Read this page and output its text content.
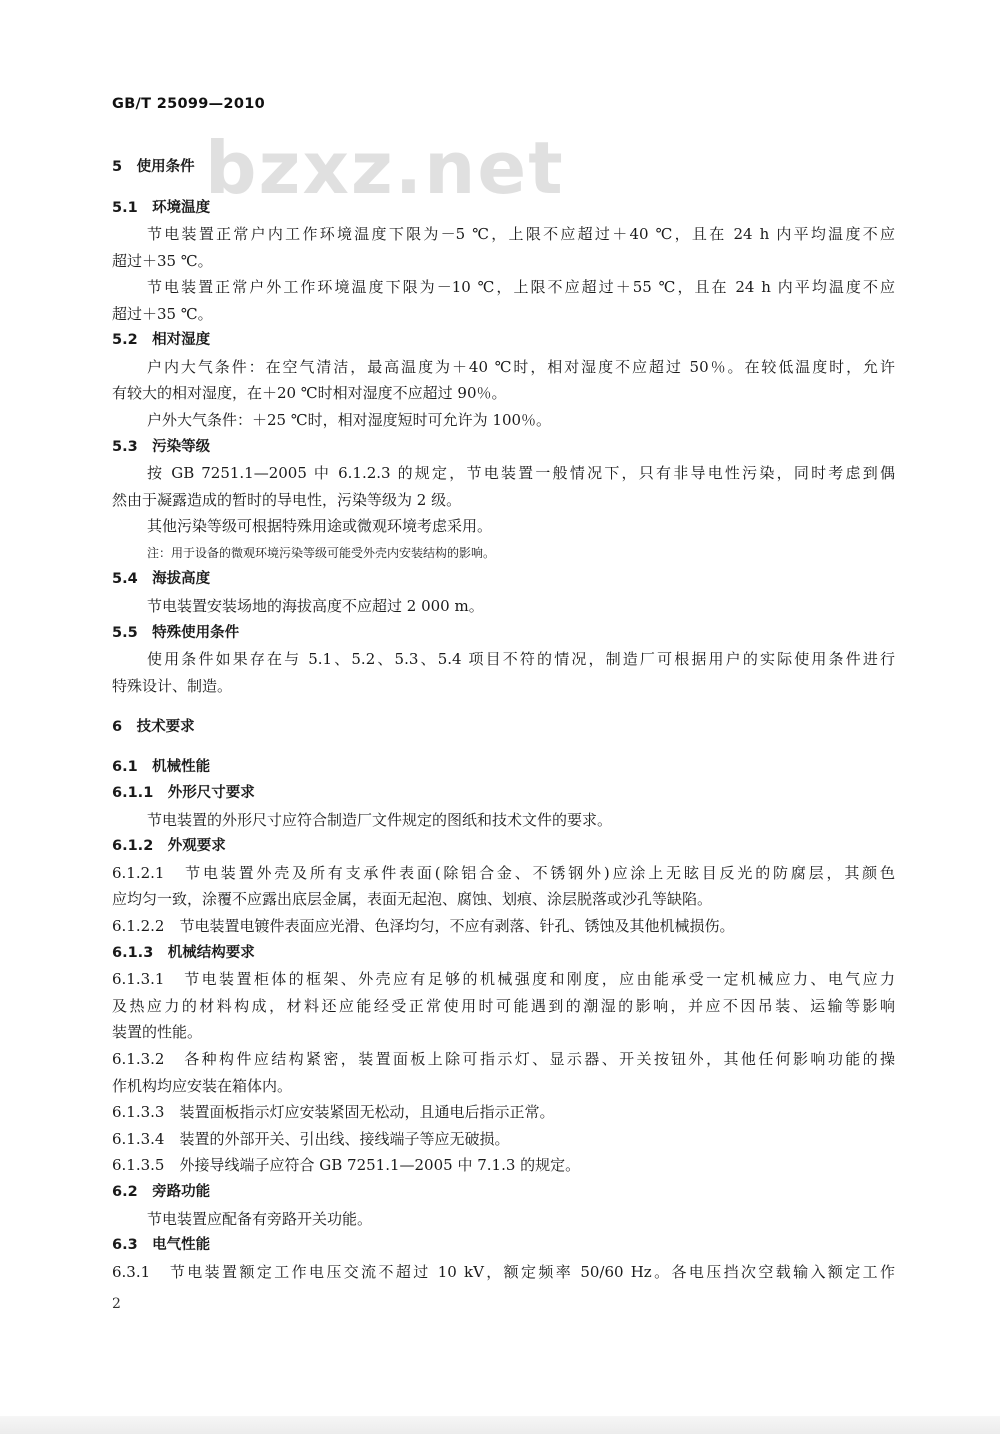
GB/T 25099—2010
bzxz.net
5　使用条件
5.1　环境温度
节电装置正常户内工作环境温度下限为－5 ℃，上限不应超过＋40 ℃，且在 24 h 内平均温度不应
超过＋35 ℃。
节电装置正常户外工作环境温度下限为－10 ℃，上限不应超过＋55 ℃，且在 24 h 内平均温度不应
超过＋35 ℃。
5.2　相对湿度
户内大气条件：在空气清洁，最高温度为＋40 ℃时，相对湿度不应超过 50％。在较低温度时，允许
有较大的相对湿度，在＋20 ℃时相对湿度不应超过 90％。
户外大气条件：＋25 ℃时，相对湿度短时可允许为 100％。
5.3　污染等级
按 GB 7251.1—2005 中 6.1.2.3 的规定，节电装置一般情况下，只有非导电性污染，同时考虑到偶
然由于凝露造成的暂时的导电性，污染等级为 2 级。
其他污染等级可根据特殊用途或微观环境考虑采用。
注：用于设备的微观环境污染等级可能受外壳内安装结构的影响。
5.4　海拔高度
节电装置安装场地的海拔高度不应超过 2 000 m。
5.5　特殊使用条件
使用条件如果存在与 5.1、5.2、5.3、5.4 项目不符的情况，制造厂可根据用户的实际使用条件进行
特殊设计、制造。
6　技术要求
6.1　机械性能
6.1.1　外形尺寸要求
节电装置的外形尺寸应符合制造厂文件规定的图纸和技术文件的要求。
6.1.2　外观要求
6.1.2.1　节电装置外壳及所有支承件表面(除铝合金、不锈钢外)应涂上无眩目反光的防腐层，其颜色
应均匀一致，涂覆不应露出底层金属，表面无起泡、腐蚀、划痕、涂层脱落或沙孔等缺陷。
6.1.2.2　节电装置电镀件表面应光滑、色泽均匀，不应有剥落、针孔、锈蚀及其他机械损伤。
6.1.3　机械结构要求
6.1.3.1　节电装置柜体的框架、外壳应有足够的机械强度和刚度，应由能承受一定机械应力、电气应力
及热应力的材料构成，材料还应能经受正常使用时可能遇到的潮湿的影响，并应不因吊装、运输等影响
装置的性能。
6.1.3.2　各种构件应结构紧密，装置面板上除可指示灯、显示器、开关按钮外，其他任何影响功能的操
作机构均应安装在箱体内。
6.1.3.3　装置面板指示灯应安装紧固无松动，且通电后指示正常。
6.1.3.4　装置的外部开关、引出线、接线端子等应无破损。
6.1.3.5　外接导线端子应符合 GB 7251.1—2005 中 7.1.3 的规定。
6.2　旁路功能
节电装置应配备有旁路开关功能。
6.3　电气性能
6.3.1　节电装置额定工作电压交流不超过 10 kV，额定频率 50/60 Hz。各电压挡次空载输入额定工作
2
